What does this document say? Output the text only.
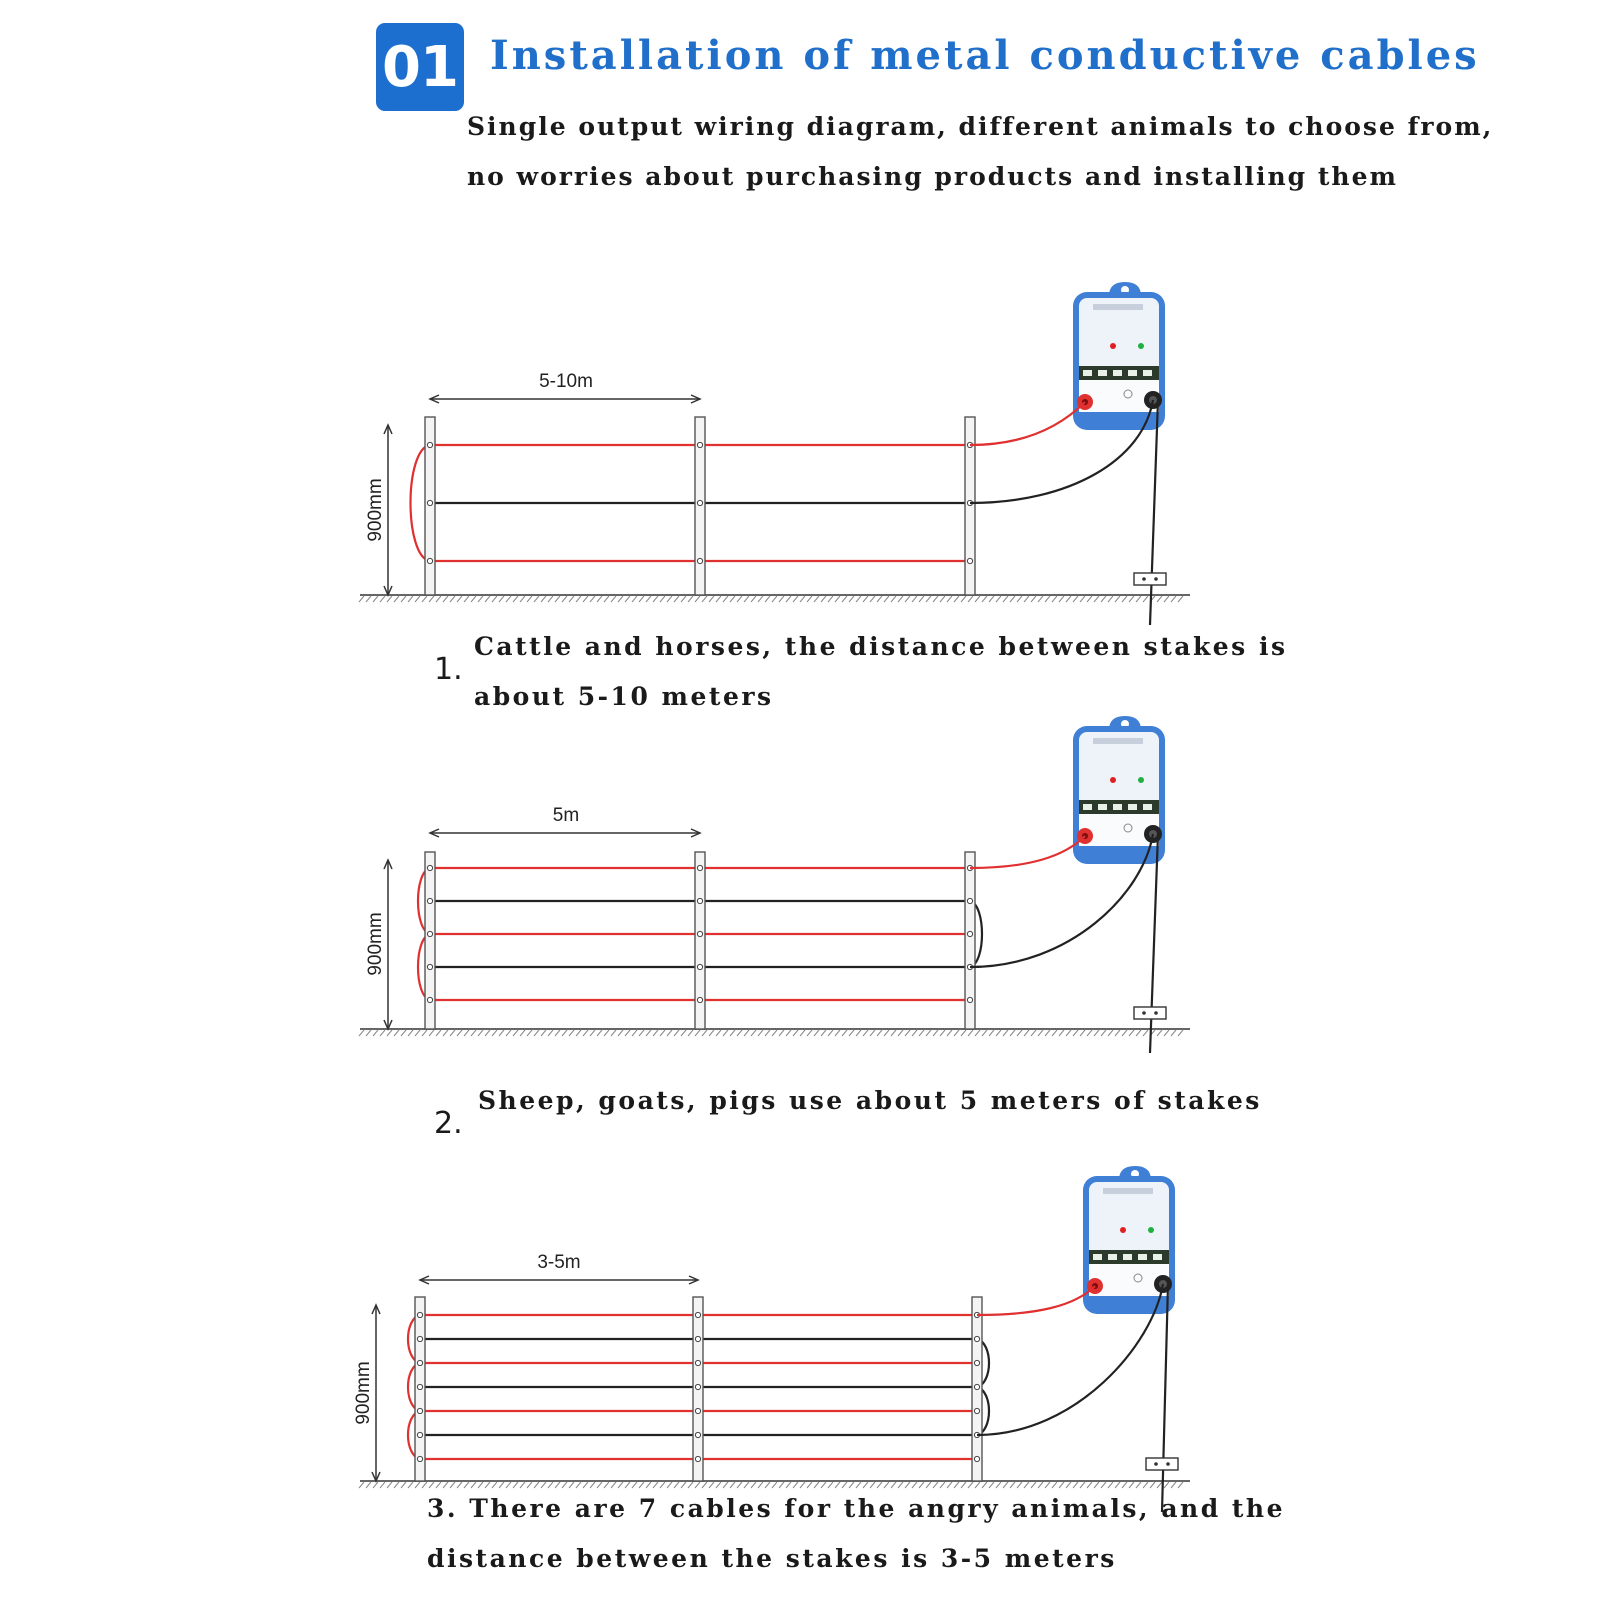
01 Installation of metal conductive cables
Single output wiring diagram, different animals to choose from,
no worries about purchasing products and installing them
900mm
5-10m
900mm
5m
900mm
3-5m
1.
Cattle and horses, the distance between stakes is
about 5-10 meters
2.
Sheep, goats, pigs use about 5 meters of stakes
3. There are 7 cables for the angry animals, and the
distance between the stakes is 3-5 meters
